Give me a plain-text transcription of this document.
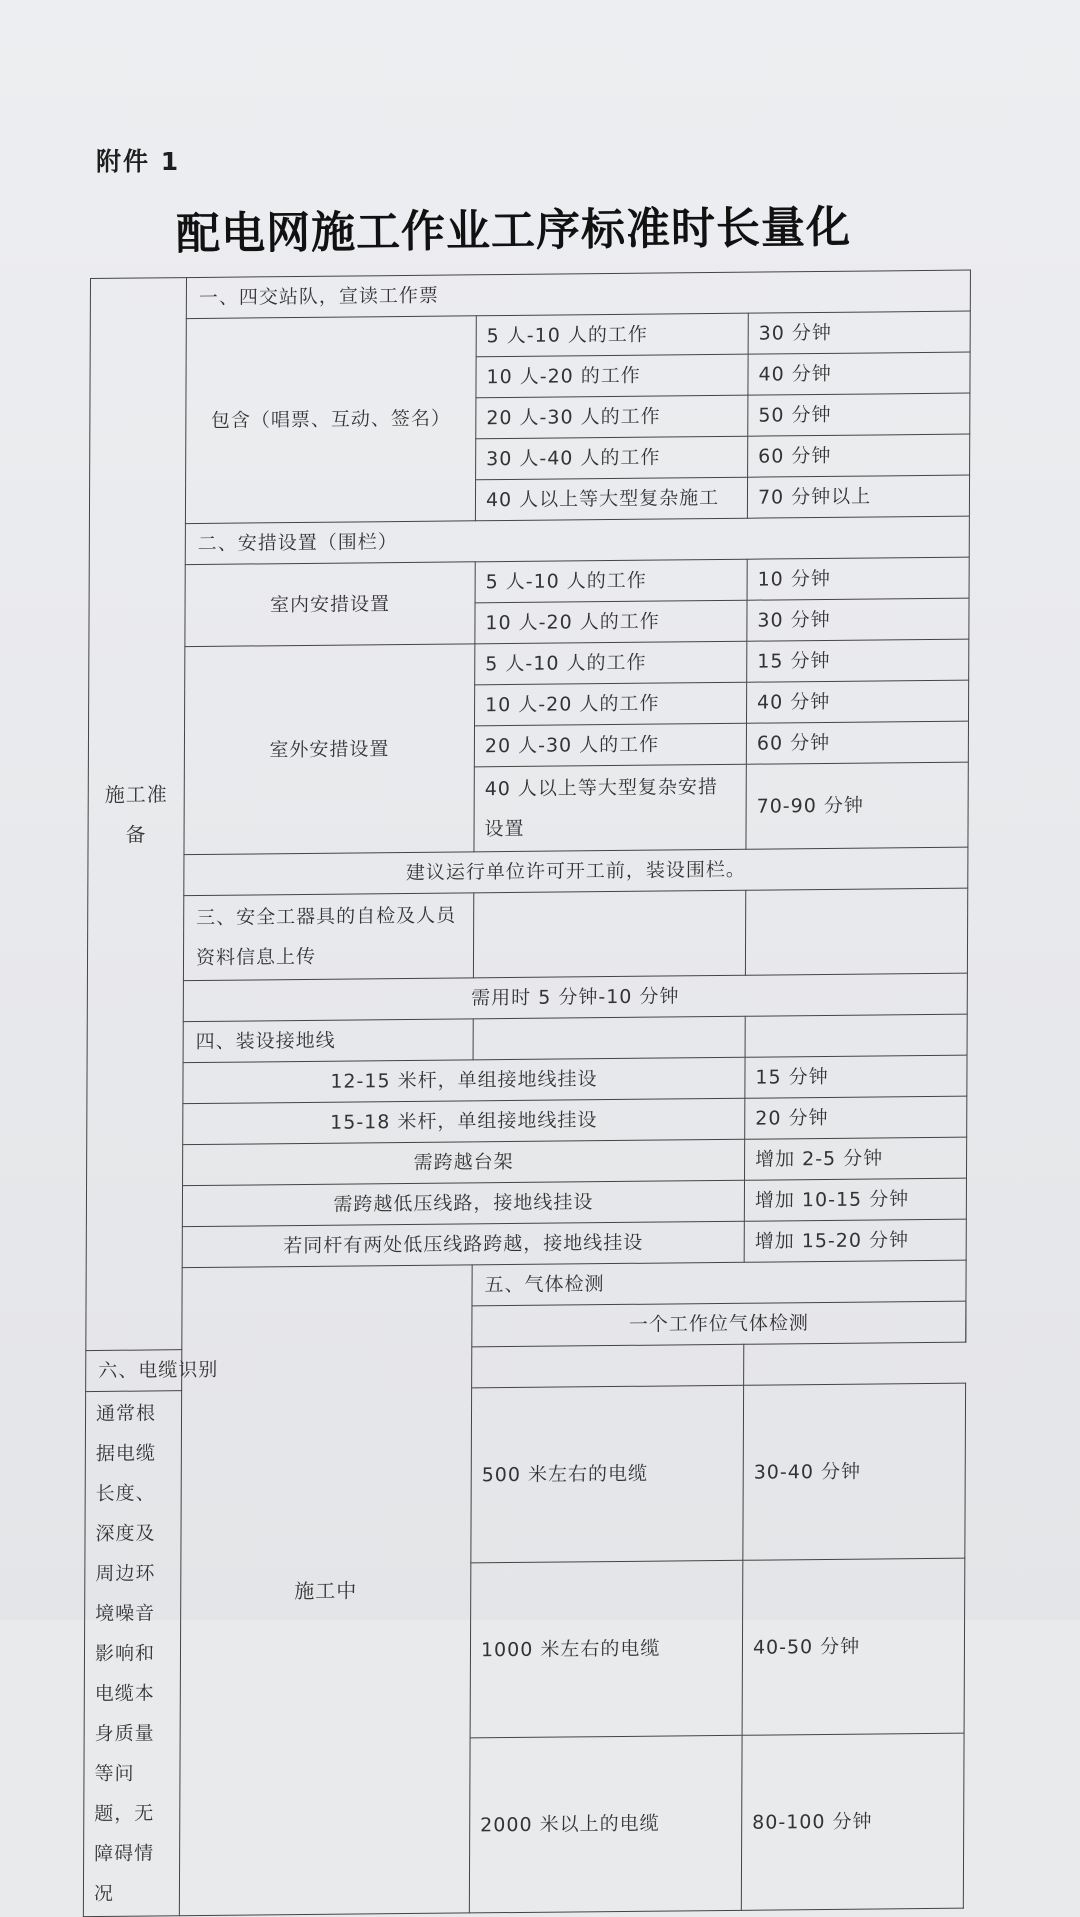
附件 1
配电网施工作业工序标准时长量化
施工准备	一、四交站队，宣读工作票			
	包含（唱票、互动、签名）	5 人-10 人的工作	30 分钟	
		10 人-20 的工作	40 分钟	
		20 人-30 人的工作	50 分钟	
		30 人-40 人的工作	60 分钟	
		40 人以上等大型复杂施工	70 分钟以上	
	二、安措设置（围栏）			
	室内安措设置	5 人-10 人的工作	10 分钟	
		10 人-20 人的工作	30 分钟	
	室外安措设置	5 人-10 人的工作	15 分钟	
		10 人-20 人的工作	40 分钟	
		20 人-30 人的工作	60 分钟	
		40 人以上等大型复杂安措设置	70-90 分钟	
	建议运行单位许可开工前，装设围栏。			
	三、安全工器具的自检及人员资料信息上传			
	需用时 5 分钟-10 分钟			
	四、装设接地线			
	12-15 米杆，单组接地线挂设		15 分钟	
	15-18 米杆，单组接地线挂设		20 分钟	
	需跨越台架		增加 2-5 分钟	
	需跨越低压线路，接地线挂设		增加 10-15 分钟	
	若同杆有两处低压线路跨越，接地线挂设		增加 15-20 分钟	
	施工中	五、气体检测		
		一个工作位气体检测	
六、电缆识别				
通常根据电缆长度、深度及周边环境噪音影响和电缆本身质量等问题，无障碍情况		500 米左右的电缆	30-40 分钟	
		1000 米左右的电缆	40-50 分钟	
		2000 米以上的电缆	80-100 分钟	
